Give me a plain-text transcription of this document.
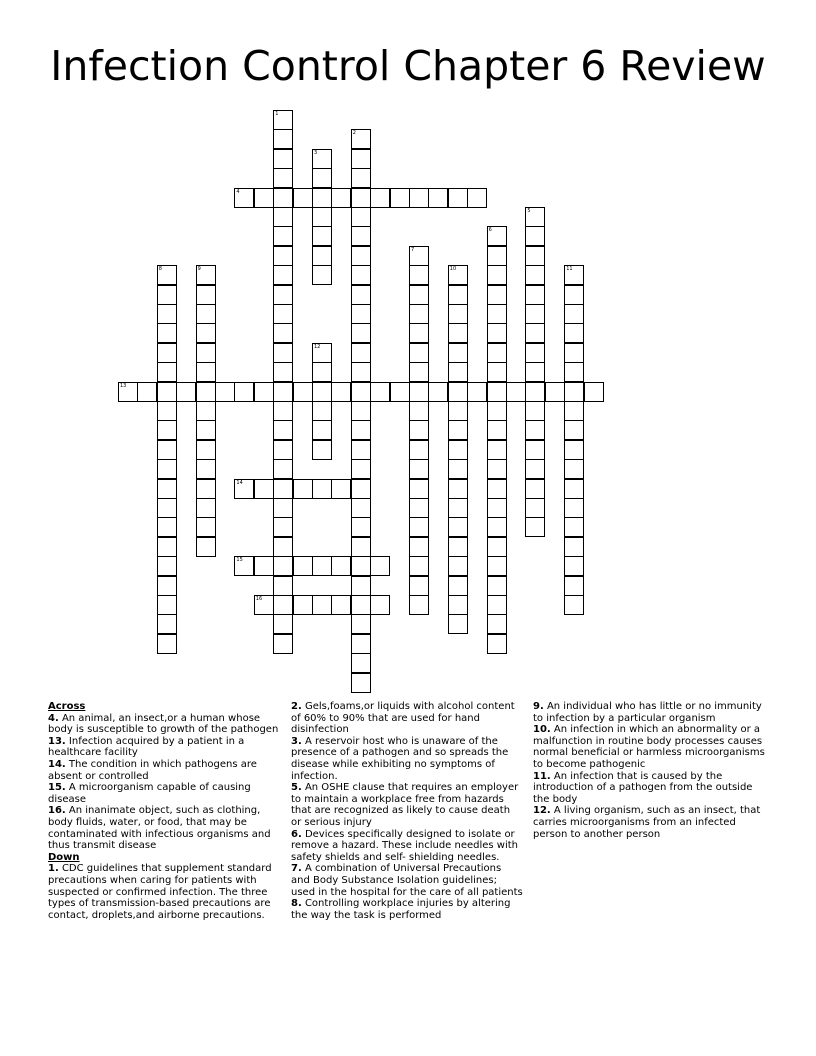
Infection Control Chapter 6 Review
1
2
3
4
5
6
7
8	9	10	11
12
13
14
15
16

Across

4. An animal, an insect,or a human whose body is susceptible to growth of the pathogen

13. Infection acquired by a patient in a healthcare facility

14. The condition in which pathogens are absent or controlled

15. A microorganism capable of causing disease

16. An inanimate object, such as clothing, body fluids, water, or food, that may be contaminated with infectious organisms and thus transmit disease

Down

1. CDC guidelines that supplement standard precautions when caring for patients with suspected or confirmed infection. The three types of transmission-based precautions are contact, droplets,and airborne precautions.

2. Gels,foams,or liquids with alcohol content of 60% to 90% that are used for hand disinfection

3. A reservoir host who is unaware of the presence of a pathogen and so spreads the disease while exhibiting no symptoms of infection.

5. An OSHE clause that requires an employer to maintain a workplace free from hazards that are recognized as likely to cause death or serious injury

6. Devices specifically designed to isolate or remove a hazard. These include needles with safety shields and self- shielding needles.

7. A combination of Universal Precautions and Body Substance Isolation guidelines; used in the hospital for the care of all patients

8. Controlling workplace injuries by altering the way the task is performed

9. An individual who has little or no immunity to infection by a particular organism

10. An infection in which an abnormality or a malfunction in routine body processes causes normal beneficial or harmless microorganisms to become pathogenic

11. An infection that is caused by the introduction of a pathogen from the outside the body

12. A living organism, such as an insect, that carries microorganisms from an infected person to another person
